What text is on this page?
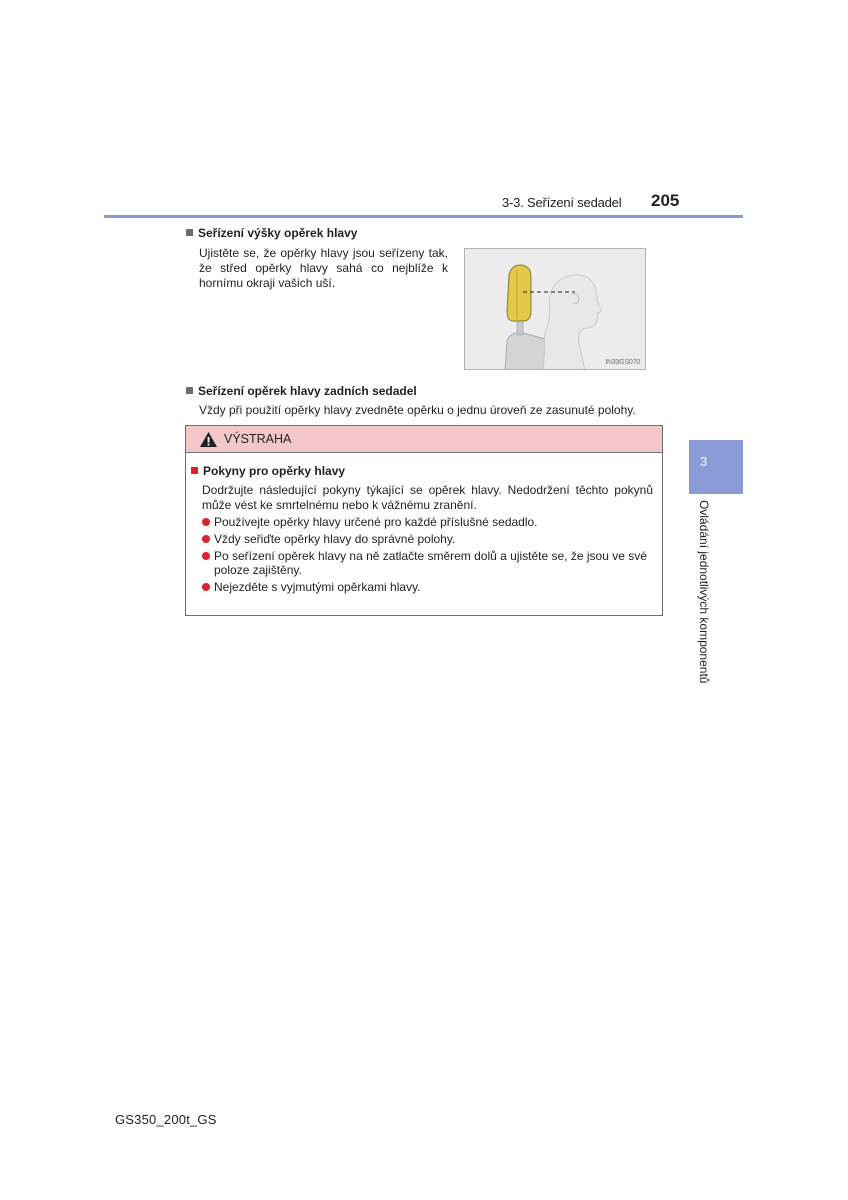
3-3. Seřízení sedadel 205
Seřízení výšky opěrek hlavy
Ujistěte se, že opěrky hlavy jsou seřízeny tak, že střed opěrky hlavy sahá co nejblíže k hornímu okraji vašich uší.
IN33GS070
Seřízení opěrek hlavy zadních sedadel
Vždy při použití opěrky hlavy zvedněte opěrku o jednu úroveň ze zasunuté polohy.
VÝSTRAHA
Pokyny pro opěrky hlavy
Dodržujte následující pokyny týkající se opěrek hlavy. Nedodržení těchto pokynů může vést ke smrtelnému nebo k vážnému zranění.
Používejte opěrky hlavy určené pro každé příslušné sedadlo.
Vždy seřiďte opěrky hlavy do správné polohy.
Po seřízení opěrek hlavy na ně zatlačte směrem dolů a ujistěte se, že jsou ve své poloze zajištěny.
Nejezděte s vyjmutými opěrkami hlavy.
3
Ovládání jednotlivých komponentů
GS350_200t_GS
